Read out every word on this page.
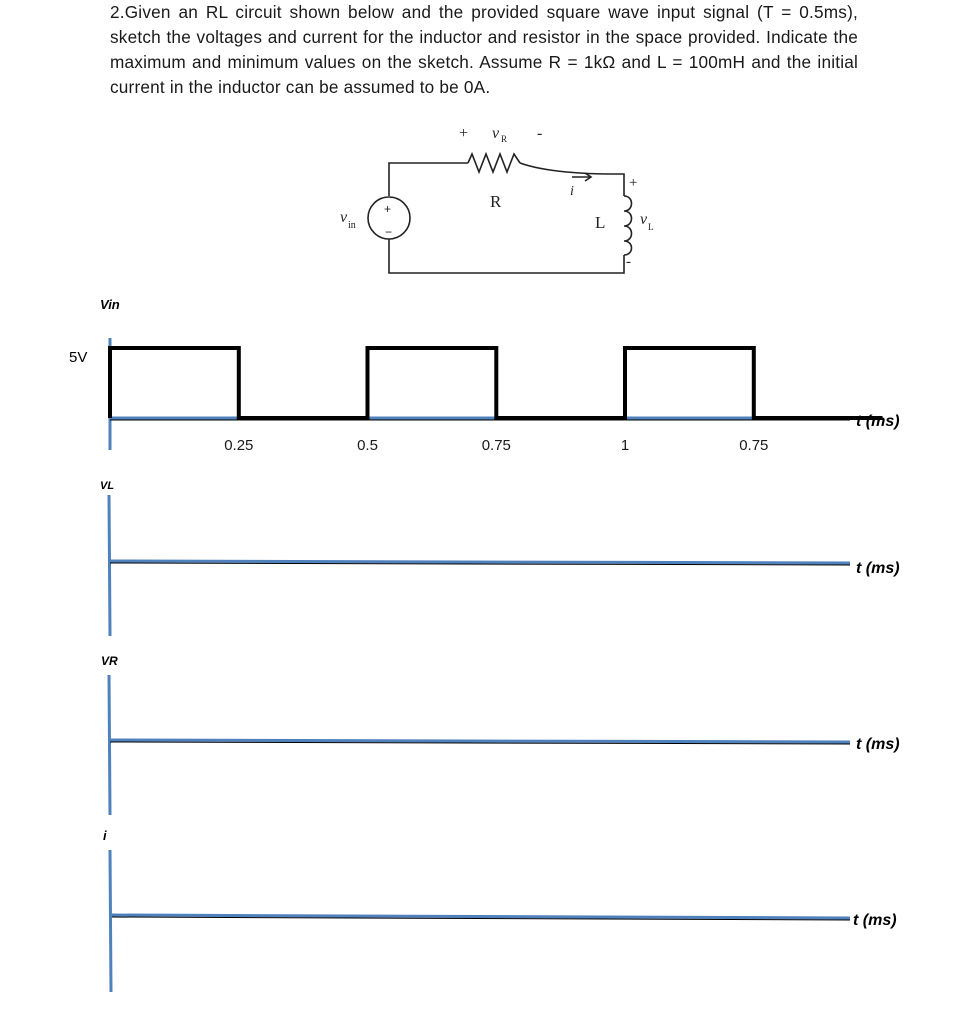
2.Given an RL circuit shown below and the provided square wave input signal (T = 0.5ms), sketch the voltages and current for the inductor and resistor in the space provided. Indicate the maximum and minimum values on the sketch. Assume R = 1kΩ and L = 100mH and the initial current in the inductor can be assumed to be 0A.
+ v R -
R
i
v in
+
−	L v L
+
-
0.25	0.5	0.75	1	0.75
Vin
5V
t (ms)
VL
t (ms)
VR
t (ms)
i
t (ms)
